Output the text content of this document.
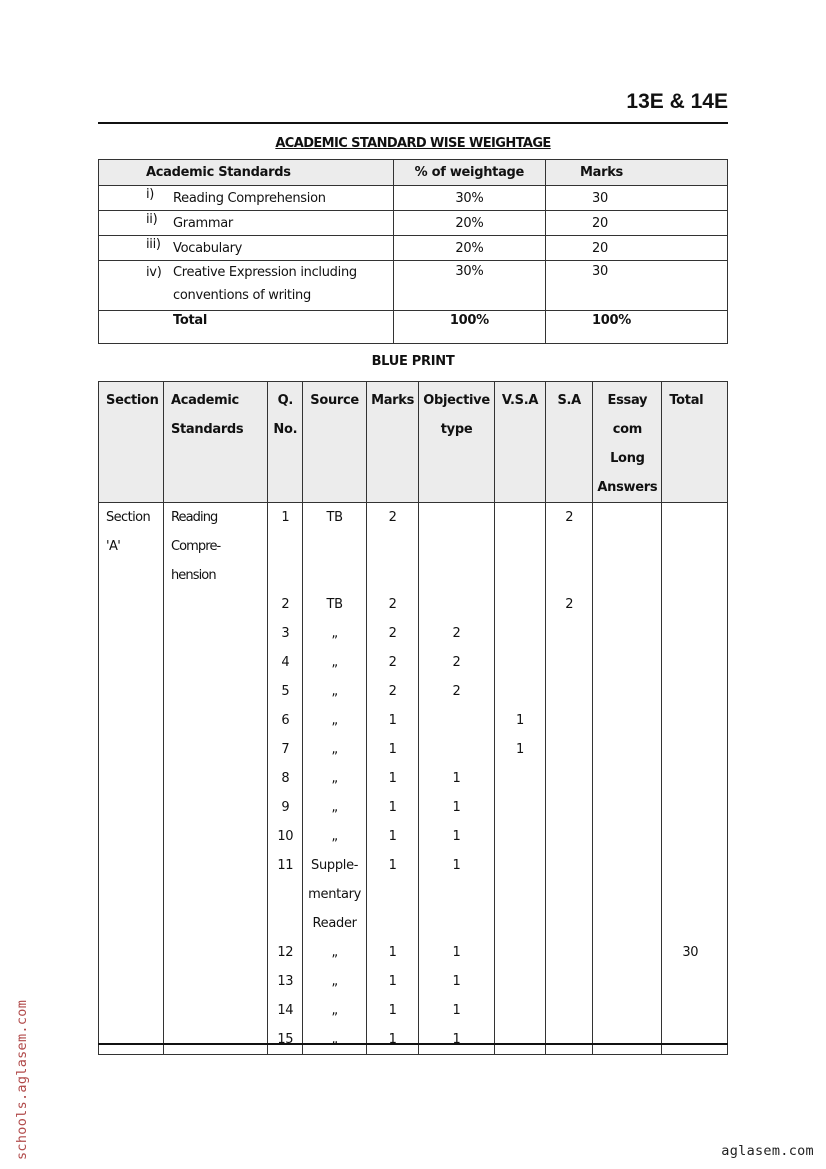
13E & 14E
ACADEMIC STANDARD WISE WEIGHTAGE
Academic Standards	% of weightage	Marks

i) Reading Comprehension	30%	30

ii) Grammar	20%	20

iii) Vocabulary	20%	20

iv) Creative Expression including conventions of writing	30%	30

Total	100%	100%
BLUE PRINT
Section	Academic Standards	Q. No.	Source	Marks	Objective type	V.S.A	S.A	Essay com Long Answers	Total
Section 'A'	Reading Compre-	1	TB	2			2		
	hension								
		2	TB	2			2		
		3	„	2	2				
		4	„	2	2				
		5	„	2	2				
		6	„	1		1			
		7	„	1		1			
		8	„	1	1				
		9	„	1	1				
		10	„	1	1				
		11	Supple-	1	1				
			mentary						
			Reader						
		12	„	1	1				30
		13	„	1	1				
		14	„	1	1				
		15	„	1	1				
schools.aglasem.com	aglasem.com
